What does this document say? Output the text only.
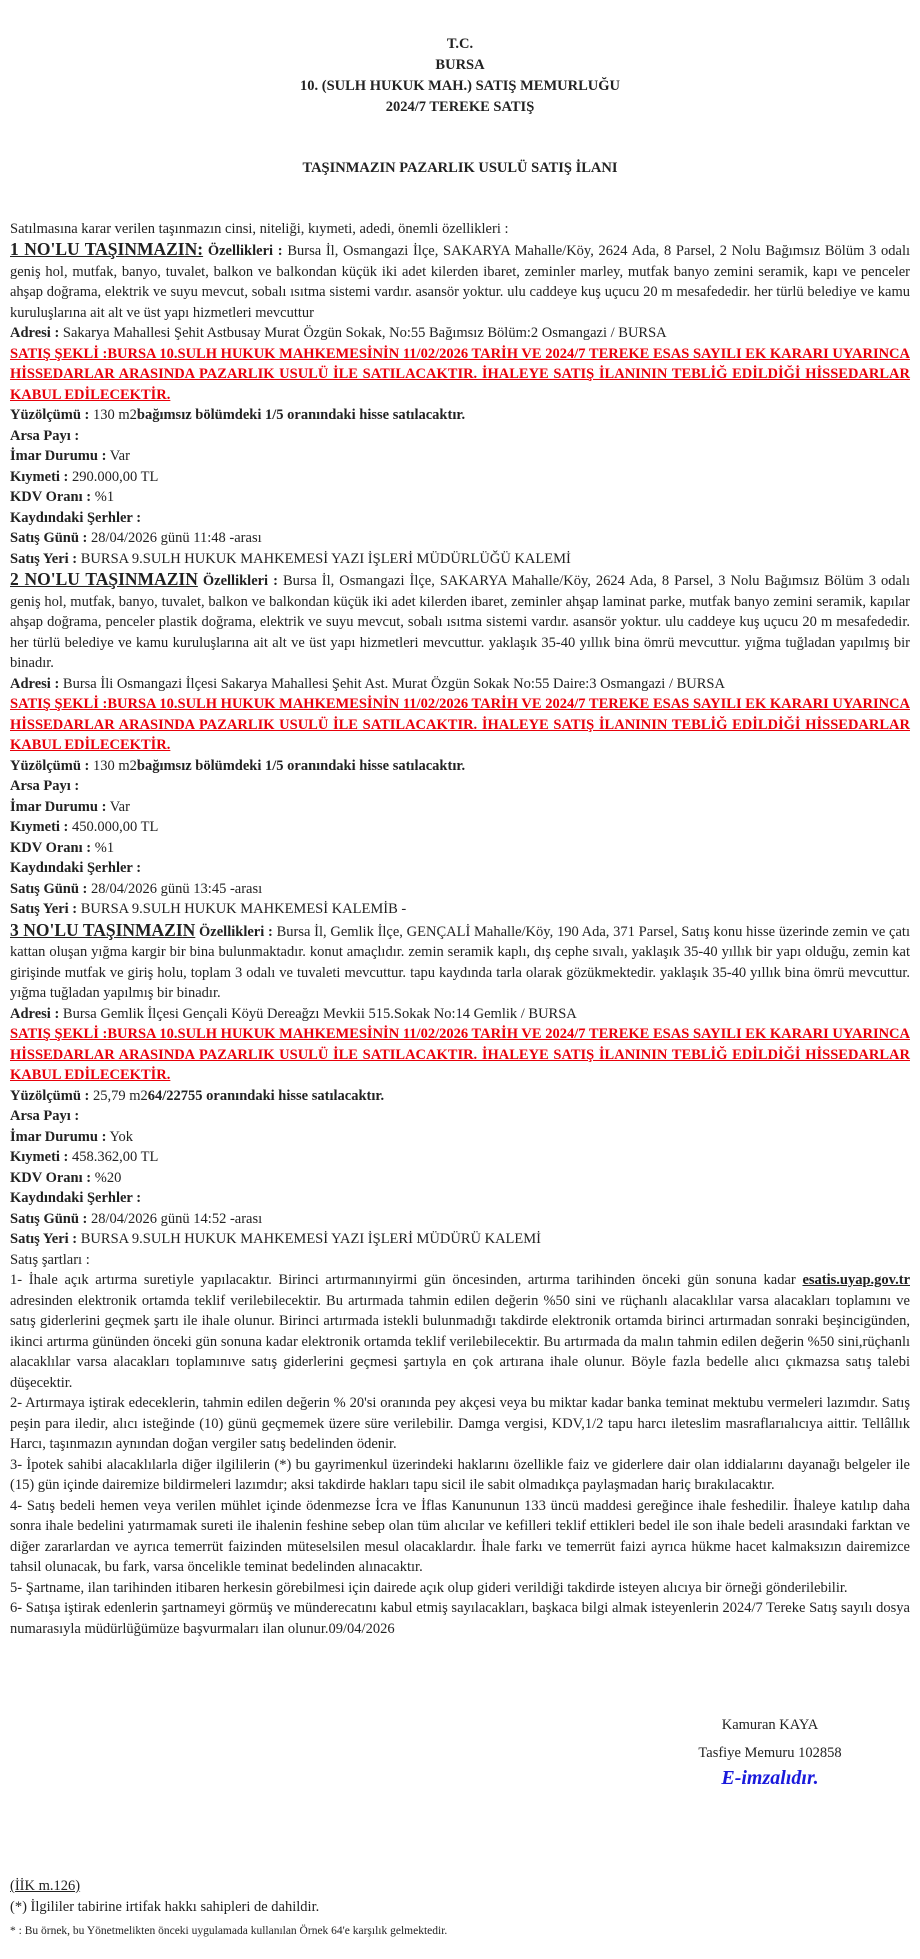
T.C.
BURSA
10. (SULH HUKUK MAH.) SATIŞ MEMURLUĞU
2024/7 TEREKE SATIŞ
TAŞINMAZIN PAZARLIK USULÜ SATIŞ İLANI

Satılmasına karar verilen taşınmazın cinsi, niteliği, kıymeti, adedi, önemli özellikleri :

1 NO'LU TAŞINMAZIN: Özellikleri : Bursa İl, Osmangazi İlçe, SAKARYA Mahalle/Köy, 2624 Ada, 8 Parsel, 2 Nolu Bağımsız Bölüm 3 odalı geniş hol, mutfak, banyo, tuvalet, balkon ve balkondan küçük iki adet kilerden ibaret, zeminler marley, mutfak banyo zemini seramik, kapı ve penceler ahşap doğrama, elektrik ve suyu mevcut, sobalı ısıtma sistemi vardır. asansör yoktur. ulu caddeye kuş uçucu 20 m mesafededir. her türlü belediye ve kamu kuruluşlarına ait alt ve üst yapı hizmetleri mevcuttur

Adresi : Sakarya Mahallesi Şehit Astbusay Murat Özgün Sokak, No:55 Bağımsız Bölüm:2 Osmangazi / BURSA

SATIŞ ŞEKLİ :BURSA 10.SULH HUKUK MAHKEMESİNİN 11/02/2026 TARİH VE 2024/7 TEREKE ESAS SAYILI EK KARARI UYARINCA HİSSEDARLAR ARASINDA PAZARLIK USULÜ İLE SATILACAKTIR. İHALEYE SATIŞ İLANININ TEBLİĞ EDİLDİĞİ HİSSEDARLAR KABUL EDİLECEKTİR.

Yüzölçümü : 130 m2bağımsız bölümdeki 1/5 oranındaki hisse satılacaktır.

Arsa Payı :

İmar Durumu : Var

Kıymeti : 290.000,00 TL

KDV Oranı : %1

Kaydındaki Şerhler :

Satış Günü : 28/04/2026 günü 11:48 -arası

Satış Yeri : BURSA 9.SULH HUKUK MAHKEMESİ YAZI İŞLERİ MÜDÜRLÜĞÜ KALEMİ

2 NO'LU TAŞINMAZIN Özellikleri : Bursa İl, Osmangazi İlçe, SAKARYA Mahalle/Köy, 2624 Ada, 8 Parsel, 3 Nolu Bağımsız Bölüm 3 odalı geniş hol, mutfak, banyo, tuvalet, balkon ve balkondan küçük iki adet kilerden ibaret, zeminler ahşap laminat parke, mutfak banyo zemini seramik, kapılar ahşap doğrama, penceler plastik doğrama, elektrik ve suyu mevcut, sobalı ısıtma sistemi vardır. asansör yoktur. ulu caddeye kuş uçucu 20 m mesafededir. her türlü belediye ve kamu kuruluşlarına ait alt ve üst yapı hizmetleri mevcuttur. yaklaşık 35-40 yıllık bina ömrü mevcuttur. yığma tuğladan yapılmış bir binadır.

Adresi : Bursa İli Osmangazi İlçesi Sakarya Mahallesi Şehit Ast. Murat Özgün Sokak No:55 Daire:3 Osmangazi / BURSA

SATIŞ ŞEKLİ :BURSA 10.SULH HUKUK MAHKEMESİNİN 11/02/2026 TARİH VE 2024/7 TEREKE ESAS SAYILI EK KARARI UYARINCA HİSSEDARLAR ARASINDA PAZARLIK USULÜ İLE SATILACAKTIR. İHALEYE SATIŞ İLANININ TEBLİĞ EDİLDİĞİ HİSSEDARLAR KABUL EDİLECEKTİR.

Yüzölçümü : 130 m2bağımsız bölümdeki 1/5 oranındaki hisse satılacaktır.

Arsa Payı :

İmar Durumu : Var

Kıymeti : 450.000,00 TL

KDV Oranı : %1

Kaydındaki Şerhler :

Satış Günü : 28/04/2026 günü 13:45 -arası

Satış Yeri : BURSA 9.SULH HUKUK MAHKEMESİ KALEMİB -

3 NO'LU TAŞINMAZIN Özellikleri : Bursa İl, Gemlik İlçe, GENÇALİ Mahalle/Köy, 190 Ada, 371 Parsel, Satış konu hisse üzerinde zemin ve çatı kattan oluşan yığma kargir bir bina bulunmaktadır. konut amaçlıdır. zemin seramik kaplı, dış cephe sıvalı, yaklaşık 35-40 yıllık bir yapı olduğu, zemin kat girişinde mutfak ve giriş holu, toplam 3 odalı ve tuvaleti mevcuttur. tapu kaydında tarla olarak gözükmektedir. yaklaşık 35-40 yıllık bina ömrü mevcuttur. yığma tuğladan yapılmış bir binadır.

Adresi : Bursa Gemlik İlçesi Gençali Köyü Dereağzı Mevkii 515.Sokak No:14 Gemlik / BURSA

SATIŞ ŞEKLİ :BURSA 10.SULH HUKUK MAHKEMESİNİN 11/02/2026 TARİH VE 2024/7 TEREKE ESAS SAYILI EK KARARI UYARINCA HİSSEDARLAR ARASINDA PAZARLIK USULÜ İLE SATILACAKTIR. İHALEYE SATIŞ İLANININ TEBLİĞ EDİLDİĞİ HİSSEDARLAR KABUL EDİLECEKTİR.

Yüzölçümü : 25,79 m264/22755 oranındaki hisse satılacaktır.

Arsa Payı :

İmar Durumu : Yok

Kıymeti : 458.362,00 TL

KDV Oranı : %20

Kaydındaki Şerhler :

Satış Günü : 28/04/2026 günü 14:52 -arası

Satış Yeri : BURSA 9.SULH HUKUK MAHKEMESİ YAZI İŞLERİ MÜDÜRÜ KALEMİ

Satış şartları :

1- İhale açık artırma suretiyle yapılacaktır. Birinci artırmanınyirmi gün öncesinden, artırma tarihinden önceki gün sonuna kadar esatis.uyap.gov.tr adresinden elektronik ortamda teklif verilebilecektir. Bu artırmada tahmin edilen değerin %50 sini ve rüçhanlı alacaklılar varsa alacakları toplamını ve satış giderlerini geçmek şartı ile ihale olunur. Birinci artırmada istekli bulunmadığı takdirde elektronik ortamda birinci artırmadan sonraki beşincigünden, ikinci artırma gününden önceki gün sonuna kadar elektronik ortamda teklif verilebilecektir. Bu artırmada da malın tahmin edilen değerin %50 sini,rüçhanlı alacaklılar varsa alacakları toplamınıve satış giderlerini geçmesi şartıyla en çok artırana ihale olunur. Böyle fazla bedelle alıcı çıkmazsa satış talebi düşecektir.

2- Artırmaya iştirak edeceklerin, tahmin edilen değerin % 20'si oranında pey akçesi veya bu miktar kadar banka teminat mektubu vermeleri lazımdır. Satış peşin para iledir, alıcı isteğinde (10) günü geçmemek üzere süre verilebilir. Damga vergisi, KDV,1/2 tapu harcı ileteslim masraflarıalıcıya aittir. Tellâllık Harcı, taşınmazın aynından doğan vergiler satış bedelinden ödenir.

3- İpotek sahibi alacaklılarla diğer ilgililerin (*) bu gayrimenkul üzerindeki haklarını özellikle faiz ve giderlere dair olan iddialarını dayanağı belgeler ile (15) gün içinde dairemize bildirmeleri lazımdır; aksi takdirde hakları tapu sicil ile sabit olmadıkça paylaşmadan hariç bırakılacaktır.

4- Satış bedeli hemen veya verilen mühlet içinde ödenmezse İcra ve İflas Kanununun 133 üncü maddesi gereğince ihale feshedilir. İhaleye katılıp daha sonra ihale bedelini yatırmamak sureti ile ihalenin feshine sebep olan tüm alıcılar ve kefilleri teklif ettikleri bedel ile son ihale bedeli arasındaki farktan ve diğer zararlardan ve ayrıca temerrüt faizinden müteselsilen mesul olacaklardır. İhale farkı ve temerrüt faizi ayrıca hükme hacet kalmaksızın dairemizce tahsil olunacak, bu fark, varsa öncelikle teminat bedelinden alınacaktır.

5- Şartname, ilan tarihinden itibaren herkesin görebilmesi için dairede açık olup gideri verildiği takdirde isteyen alıcıya bir örneği gönderilebilir.

6- Satışa iştirak edenlerin şartnameyi görmüş ve münderecatını kabul etmiş sayılacakları, başkaca bilgi almak isteyenlerin 2024/7 Tereke Satış sayılı dosya numarasıyla müdürlüğümüze başvurmaları ilan olunur.09/04/2026

Kamuran KAYA
Tasfiye Memuru 102858
E-imzalıdır.
(İİK m.126)
(*) İlgililer tabirine irtifak hakkı sahipleri de dahildir.
* : Bu örnek, bu Yönetmelikten önceki uygulamada kullanılan Örnek 64'e karşılık gelmektedir.
